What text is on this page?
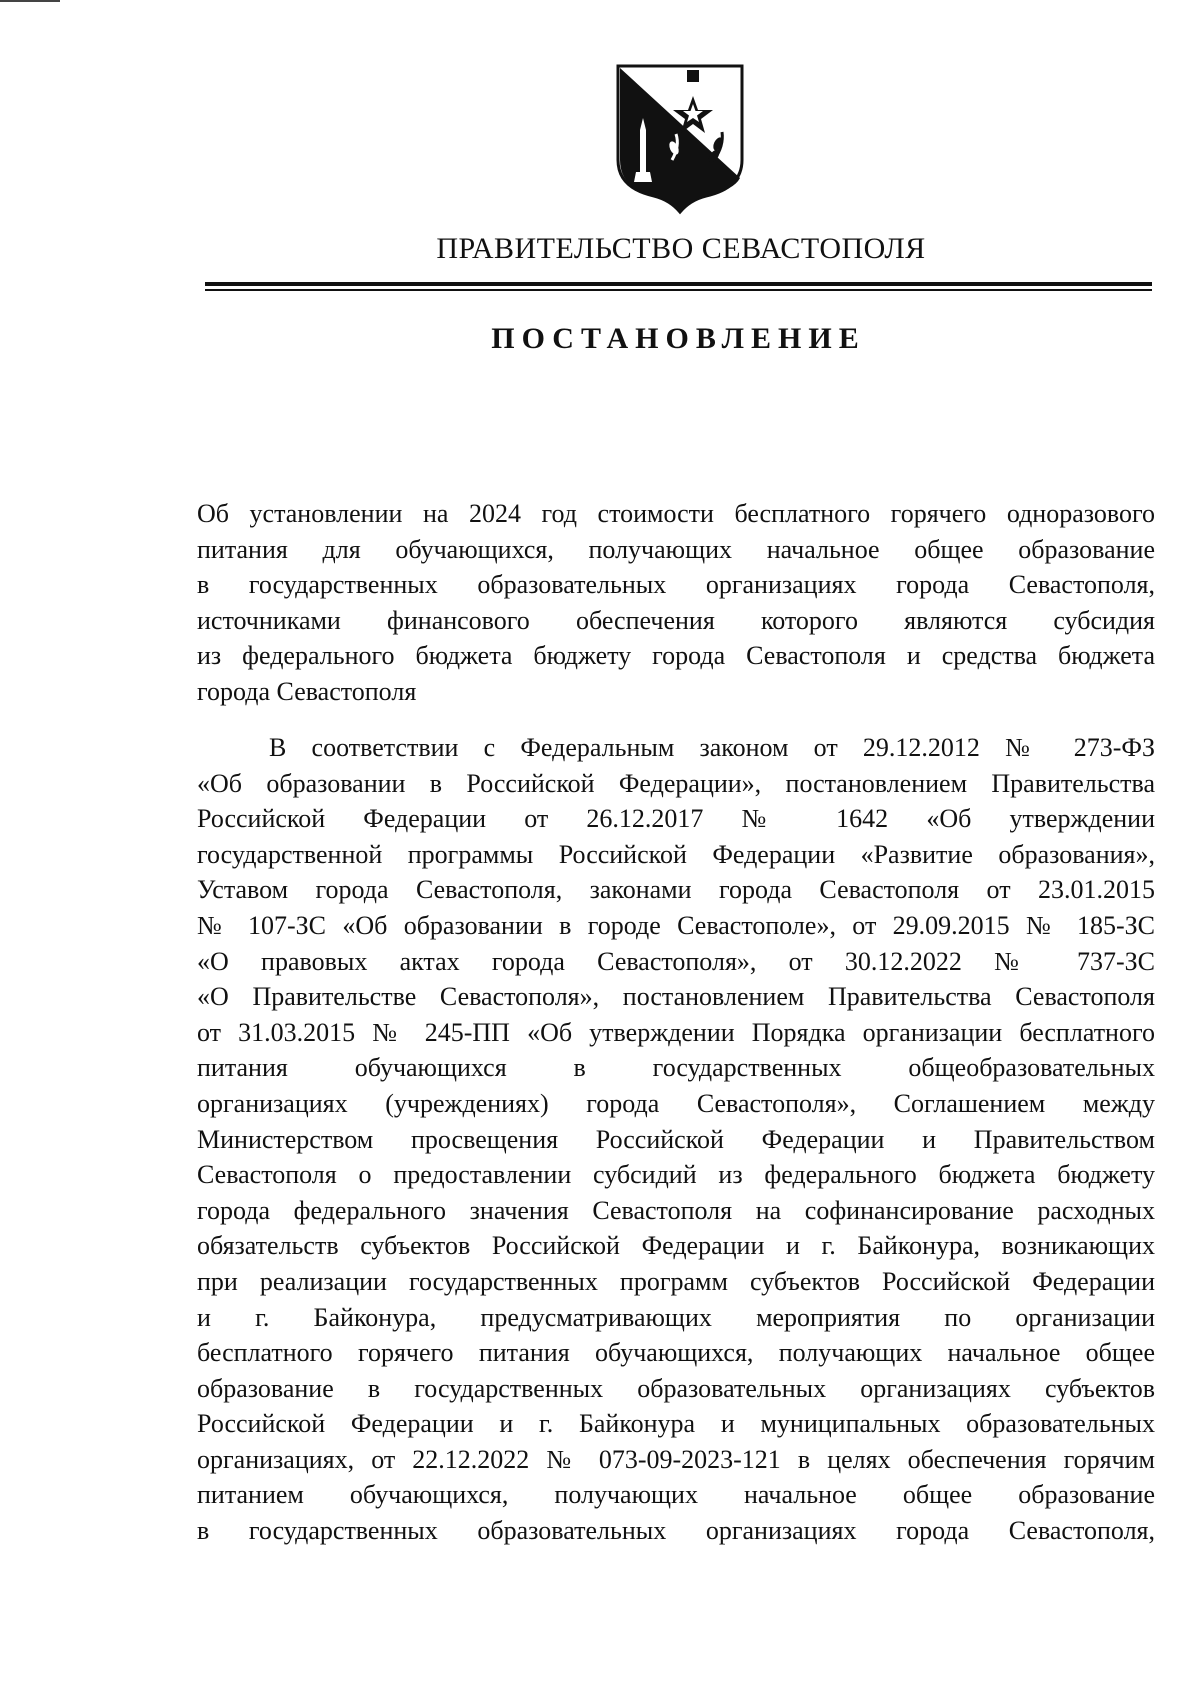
ПРАВИТЕЛЬСТВО СЕВАСТОПОЛЯ
ПОСТАНОВЛЕНИЕ
Об установлении на 2024 год стоимости бесплатного горячего одноразового
питания для обучающихся, получающих начальное общее образование
в государственных образовательных организациях города Севастополя,
источниками финансового обеспечения которого являются субсидия
из федерального бюджета бюджету города Севастополя и средства бюджета
города Севастополя
В соответствии с Федеральным законом от 29.12.2012 № 273-ФЗ
«Об образовании в Российской Федерации», постановлением Правительства
Российской Федерации от 26.12.2017 № 1642 «Об утверждении
государственной программы Российской Федерации «Развитие образования»,
Уставом города Севастополя, законами города Севастополя от 23.01.2015
№ 107-ЗС «Об образовании в городе Севастополе», от 29.09.2015 № 185-ЗС
«О правовых актах города Севастополя», от 30.12.2022 № 737-ЗС
«О Правительстве Севастополя», постановлением Правительства Севастополя
от 31.03.2015 № 245-ПП «Об утверждении Порядка организации бесплатного
питания обучающихся в государственных общеобразовательных
организациях (учреждениях) города Севастополя», Соглашением между
Министерством просвещения Российской Федерации и Правительством
Севастополя о предоставлении субсидий из федерального бюджета бюджету
города федерального значения Севастополя на софинансирование расходных
обязательств субъектов Российской Федерации и г. Байконура, возникающих
при реализации государственных программ субъектов Российской Федерации
и г. Байконура, предусматривающих мероприятия по организации
бесплатного горячего питания обучающихся, получающих начальное общее
образование в государственных образовательных организациях субъектов
Российской Федерации и г. Байконура и муниципальных образовательных
организациях, от 22.12.2022 № 073-09-2023-121 в целях обеспечения горячим
питанием обучающихся, получающих начальное общее образование
в государственных образовательных организациях города Севастополя,
